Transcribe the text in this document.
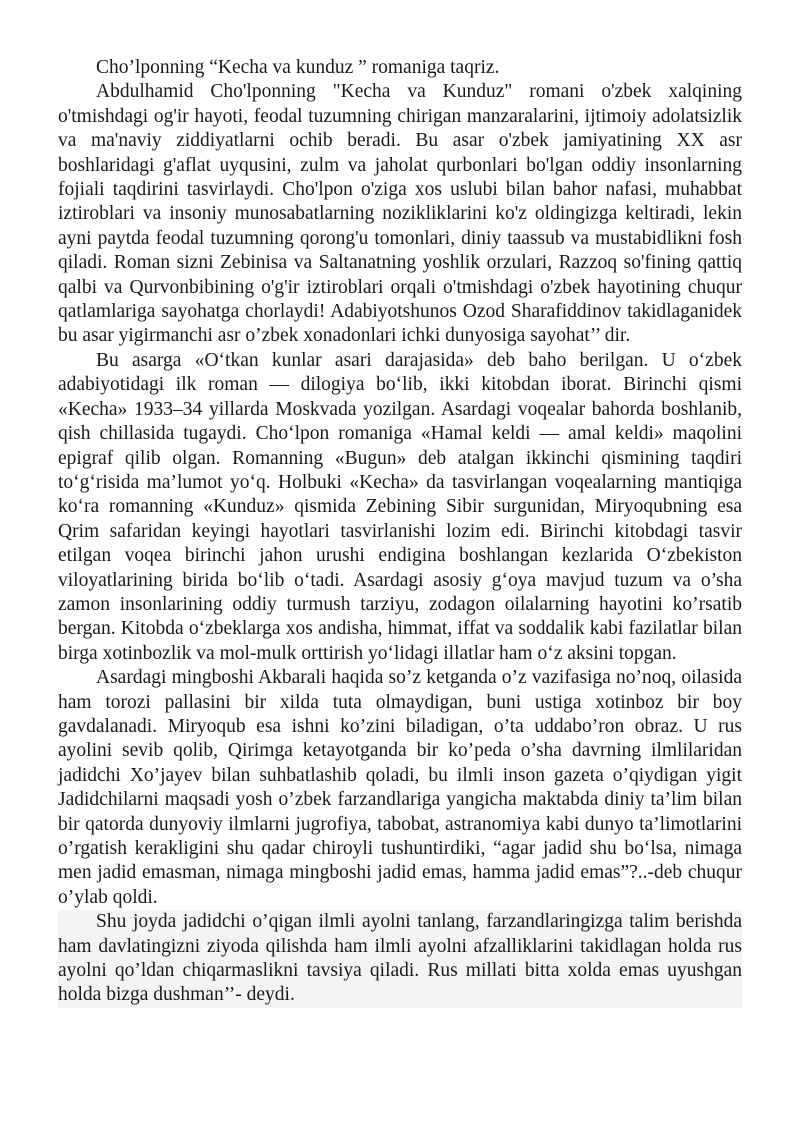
Cho’lponning “Kecha va kunduz ” romaniga taqriz.

Abdulhamid Cho'lponning "Kecha va Kunduz" romani o'zbek xalqining o'tmishdagi og'ir hayoti, feodal tuzumning chirigan manzaralarini, ijtimoiy adolatsizlik va ma'naviy ziddiyatlarni ochib beradi. Bu asar o'zbek jamiyatining XX asr boshlaridagi g'aflat uyqusini, zulm va jaholat qurbonlari bo'lgan oddiy insonlarning fojiali taqdirini tasvirlaydi. Cho'lpon o'ziga xos uslubi bilan bahor nafasi, muhabbat iztiroblari va insoniy munosabatlarning nozikliklarini ko'z oldingizga keltiradi, lekin ayni paytda feodal tuzumning qorong'u tomonlari, diniy taassub va mustabidlikni fosh qiladi. Roman sizni Zebinisa va Saltanatning yoshlik orzulari, Razzoq so'fining qattiq qalbi va Qurvonbibining o'g'ir iztiroblari orqali o'tmishdagi o'zbek hayotining chuqur qatlamlariga sayohatga chorlaydi! Adabiyotshunos Ozod Sharafiddinov takidlaganidek bu asar yigirmanchi asr o’zbek xonadonlari ichki dunyosiga sayohat’’ dir.

Bu asarga «O‘tkan kunlar asari darajasida» deb baho berilgan. U o‘zbek adabiyotidagi ilk roman — dilogiya bo‘lib, ikki kitobdan iborat. Birinchi qismi «Kecha» 1933–34 yillarda Moskvada yozilgan. Asardagi voqealar bahorda boshlanib, qish chillasida tugaydi. Cho‘lpon romaniga «Hamal keldi — amal keldi» maqolini epigraf qilib olgan. Romanning «Bugun» deb atalgan ikkinchi qismining taqdiri to‘g‘risida ma’lumot yo‘q. Holbuki «Kecha» da tasvirlangan voqealarning mantiqiga ko‘ra romanning «Kunduz» qismida Zebining Sibir surgunidan, Miryoqubning esa Qrim safaridan keyingi hayotlari tasvirlanishi lozim edi. Birinchi kitobdagi tasvir etilgan voqea birinchi jahon urushi endigina boshlangan kezlarida O‘zbekiston viloyatlarining birida bo‘lib o‘tadi. Asardagi asosiy g‘oya mavjud tuzum va o’sha zamon insonlarining oddiy turmush tarziyu, zodagon oilalarning hayotini ko’rsatib bergan. Kitobda o‘zbeklarga xos andisha, himmat, iffat va soddalik kabi fazilatlar bilan birga xotinbozlik va mol-mulk orttirish yo‘lidagi illatlar ham o‘z aksini topgan.

Asardagi mingboshi Akbarali haqida so’z ketganda o’z vazifasiga no’noq, oilasida ham torozi pallasini bir xilda tuta olmaydigan, buni ustiga xotinboz bir boy gavdalanadi. Miryoqub esa ishni ko’zini biladigan, o’ta uddabo’ron obraz. U rus ayolini sevib qolib, Qirimga ketayotganda bir ko’peda o’sha davrning ilmlilaridan jadidchi Xo’jayev bilan suhbatlashib qoladi, bu ilmli inson gazeta o’qiydigan yigit Jadidchilarni maqsadi yosh o’zbek farzandlariga yangicha maktabda diniy ta’lim bilan bir qatorda dunyoviy ilmlarni jugrofiya, tabobat, astranomiya kabi dunyo ta’limotlarini o’rgatish kerakligini shu qadar chiroyli tushuntirdiki, “agar jadid shu bo‘lsa, nimaga men jadid emasman, nimaga mingboshi jadid emas, hamma jadid emas”?..-deb chuqur o’ylab qoldi.

Shu joyda jadidchi o’qigan ilmli ayolni tanlang, farzandlaringizga talim berishda ham davlatingizni ziyoda qilishda ham ilmli ayolni afzalliklarini takidlagan holda rus ayolni qo’ldan chiqarmaslikni tavsiya qiladi. Rus millati bitta xolda emas uyushgan holda bizga dushman’’- deydi.
